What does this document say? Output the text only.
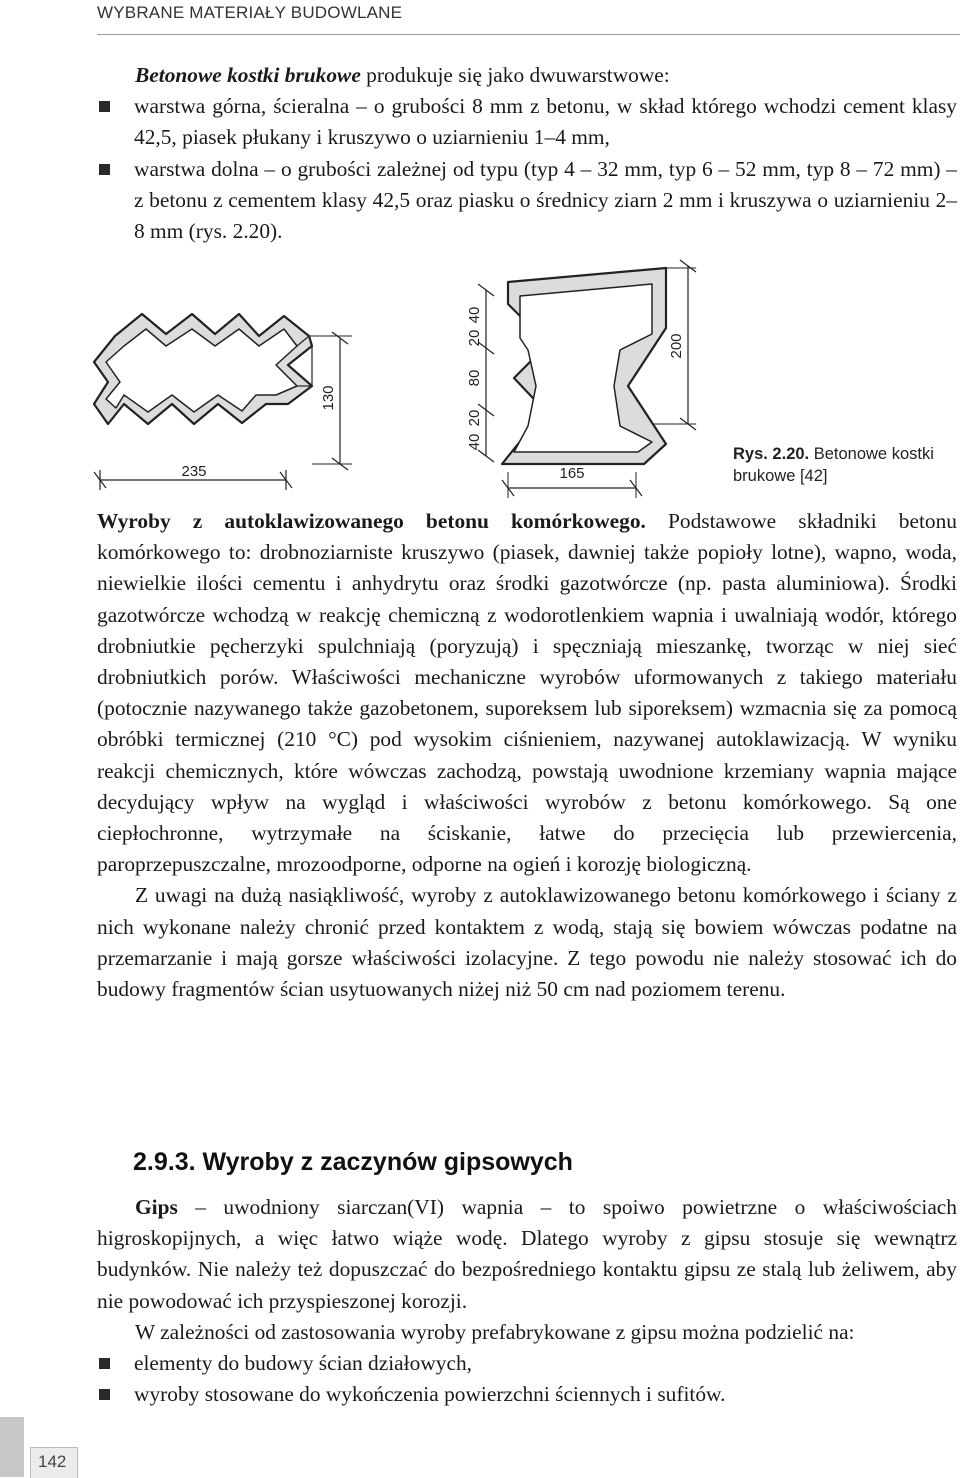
WYBRANE MATERIAŁY BUDOWLANE

Betonowe kostki brukowe produkuje się jako dwuwarstwowe:

warstwa górna, ścieralna – o grubości 8 mm z betonu, w skład którego wchodzi cement klasy 42,5, piasek płukany i kruszywo o uziarnieniu 1–4 mm,
warstwa dolna – o grubości zależnej od typu (typ 4 – 32 mm, typ 6 – 52 mm, typ 8 – 72 mm) – z betonu z cementem klasy 42,5 oraz piasku o średnicy ziarn 2 mm i kruszywa o uziarnieniu 2–8 mm (rys. 2.20).
235
130
165
200
40
20
80
20
40
Rys. 2.20. Betonowe kostki brukowe [42]

Wyroby z autoklawizowanego betonu komórkowego. Podstawowe składniki betonu komórkowego to: drobnoziarniste kruszywo (piasek, dawniej także popioły lotne), wapno, woda, niewielkie ilości cementu i anhydrytu oraz środki gazotwórcze (np. pasta aluminiowa). Środki gazotwórcze wchodzą w reakcję chemiczną z wodorotlenkiem wapnia i uwalniają wodór, którego drobniutkie pęcherzyki spulchniają (poryzują) i spęczniają mieszankę, tworząc w niej sieć drobniutkich porów. Właściwości mechaniczne wyrobów uformowanych z takiego materiału (potocznie nazywanego także gazobetonem, suporeksem lub siporeksem) wzmacnia się za pomocą obróbki termicznej (210 °C) pod wysokim ciśnieniem, nazywanej autoklawizacją. W wyniku reakcji chemicznych, które wówczas zachodzą, powstają uwodnione krzemiany wapnia mające decydujący wpływ na wygląd i właściwości wyrobów z betonu komórkowego. Są one ciepłochronne, wytrzymałe na ściskanie, łatwe do przecięcia lub przewiercenia, paroprzepuszczalne, mrozoodporne, odporne na ogień i korozję biologiczną.

Z uwagi na dużą nasiąkliwość, wyroby z autoklawizowanego betonu komórkowego i ściany z nich wykonane należy chronić przed kontaktem z wodą, stają się bowiem wówczas podatne na przemarzanie i mają gorsze właściwości izolacyjne. Z tego powodu nie należy stosować ich do budowy fragmentów ścian usytuowanych niżej niż 50 cm nad poziomem terenu.

2.9.3. Wyroby z zaczynów gipsowych

Gips – uwodniony siarczan(VI) wapnia – to spoiwo powietrzne o właściwościach higroskopijnych, a więc łatwo wiąże wodę. Dlatego wyroby z gipsu stosuje się wewnątrz budynków. Nie należy też dopuszczać do bezpośredniego kontaktu gipsu ze stalą lub żeliwem, aby nie powodować ich przyspieszonej korozji.

W zależności od zastosowania wyroby prefabrykowane z gipsu można podzielić na:

elementy do budowy ścian działowych,
wyroby stosowane do wykończenia powierzchni ściennych i sufitów.
142
